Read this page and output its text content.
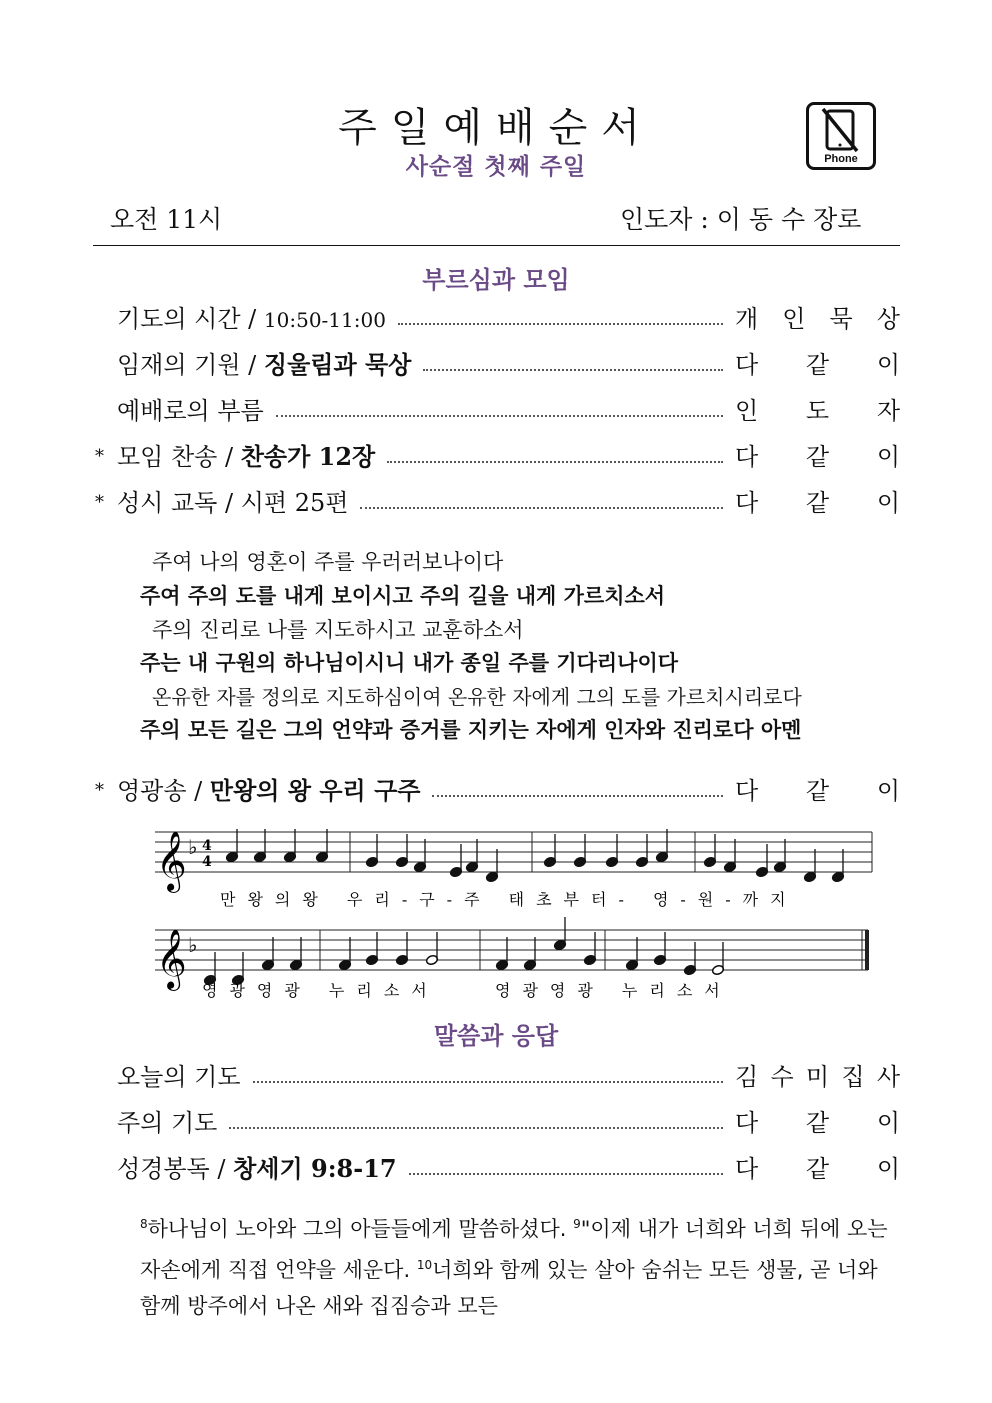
주일예배순서
사순절 첫째 주일	Phone
오전 11시	인도자 : 이 동 수 장로
부르심과 모임
기도의 시간 / 10:50-11:00	개 인 묵 상
임재의 기원 / 징울림과 묵상	다 같 이
예배로의 부름	인 도 자
* 모임 찬송 / 찬송가 12장	다 같 이
* 성시 교독 / 시편 25편	다 같 이
주여 나의 영혼이 주를 우러러보나이다
주여 주의 도를 내게 보이시고 주의 길을 내게 가르치소서
주의 진리로 나를 지도하시고 교훈하소서
주는 내 구원의 하나님이시니 내가 종일 주를 기다리나이다
온유한 자를 정의로 지도하심이여 온유한 자에게 그의 도를 가르치시리로다
주의 모든 길은 그의 언약과 증거를 지키는 자에게 인자와 진리로다 아멘
* 영광송 / 만왕의 왕 우리 구주	다 같 이
𝄞 ♭ 4
4
만왕의왕 우리-구-주 태초부터- 영-원-까지
𝄞 ♭
영광영광 누리소서	영광영광 누리소서
말씀과 응답
오늘의 기도	김 수 미 집 사
주의 기도	다 같 이
성경봉독 / 창세기 9:8-17	다 같 이
$^8$하나님이 노아와 그의 아들들에게 말씀하셨다. $^9$"이제 내가 너희와 너희 뒤에 오는 자손에게 직접 언약을 세운다. $^{10}$너희와 함께 있는 살아 숨쉬는 모든 생물, 곧 너와 함께 방주에서 나온 새와 집짐승과 모든
